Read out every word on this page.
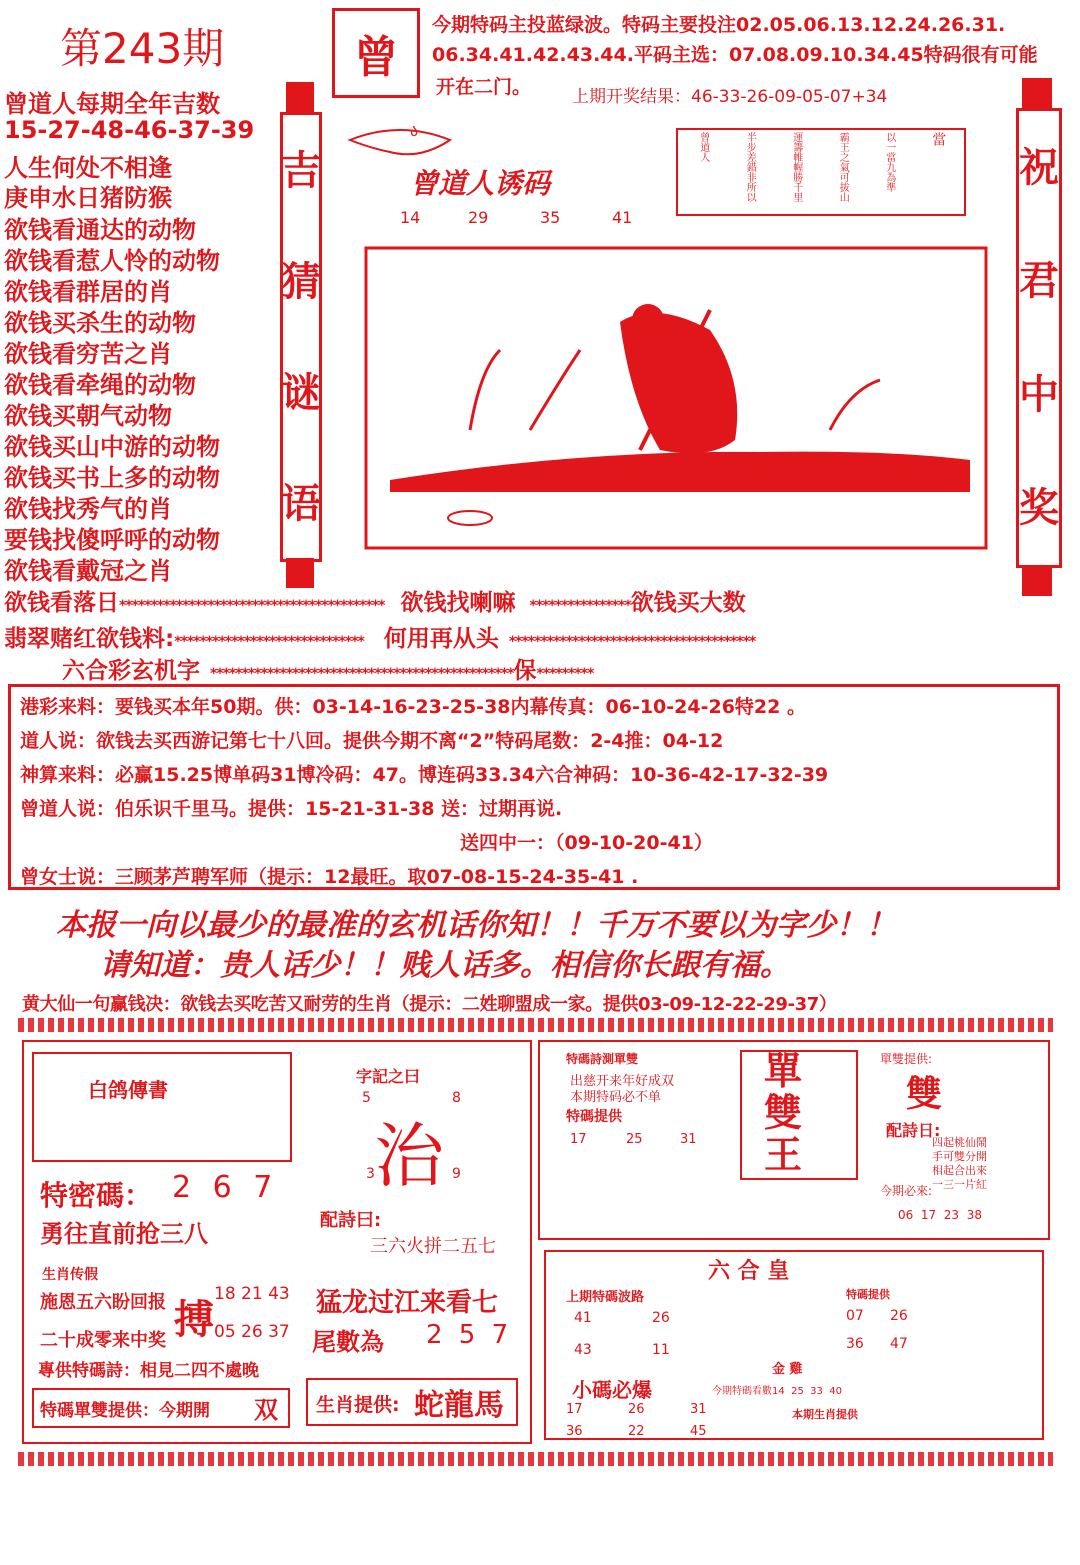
第243期	曾
今期特码主投蓝绿波。特码主要投注02.05.06.13.12.24.26.31.
06.34.41.42.43.44.平码主选：07.08.09.10.34.45特码很有可能
开在二门。 上期开奖结果：46-33-26-09-05-07+34
曾道人每期全年吉数
15-27-48-46-37-39
人生何处不相逢
庚申水日猪防猴
欲钱看通达的动物
欲钱看惹人怜的动物
欲钱看群居的肖
欲钱买杀生的动物
欲钱看穷苦之肖
欲钱看牵绳的动物
欲钱买朝气动物
欲钱买山中游的动物
欲钱买书上多的动物
欲钱找秀气的肖
要钱找傻呼呼的动物
欲钱看戴冠之肖
吉
猜
谜
语
祝
君
中
奖
ა
曾道人诱码
14	29	35	41
當
以一當九為準
霸王之氣可拔山
運籌帷幄勝千里
半步差錯非所以
曾道人
欲钱看落日****************************************** 欲钱找喇嘛 ****************欲钱买大数
翡翠赌红欲钱料:****************************** 何用再从头 ***************************************
六合彩玄机字 ************************************************保*********
港彩来料：要钱买本年50期。供：03-14-16-23-25-38内幕传真：06-10-24-26特22 。
道人说：欲钱去买西游记第七十八回。提供今期不离“2”特码尾数：2-4推：04-12
神算来料：必赢15.25博单码31博冷码：47。博连码33.34六合神码：10-36-42-17-32-39
曾道人说：伯乐识千里马。提供：15-21-31-38 送：过期再说.
送四中一：（09-10-20-41）
曾女士说：三顾茅芦聘军师（提示：12最旺。取07-08-15-24-35-41 .
本报一向以最少的最准的玄机话你知！！千万不要以为字少！！
请知道：贵人话少！！贱人话多。相信你长跟有福。
黄大仙一句赢钱决：欲钱去买吃苦又耐劳的生肖（提示：二姓聊盟成一家。提供03-09-12-22-29-37）
白鸽傳書
特密碼： 2 6 7
勇往直前抢三八
生肖传假
施恩五六盼回报
二十成零来中奖 搏
18 21 43
05 26 37
專供特碼詩：相見二四不處晚
特碼單雙提供：今期開 双
字記之曰
5	8
治
3	9
配詩曰:
三六火拼二五七
猛龙过江来看七
尾數為 2 5 7
生肖提供: 蛇龍馬
特碼詩測單雙
出慈开来年好成双
本期特码必不单
特碼提供
17	25	31
單
雙
王
單雙提供:
雙
配詩日:
四起桃仙鬧
手可雙分開
相起合出來
一三一片紅
今期必來:
06  17  23  38
六 合 皇
上期特碼波路
41	26
43	11
特碼提供
07 26
36 47
金 雞
小碼必爆	今期特碼看數14  25  33  40
17	26	31
36	22	45
本期生肖提供
